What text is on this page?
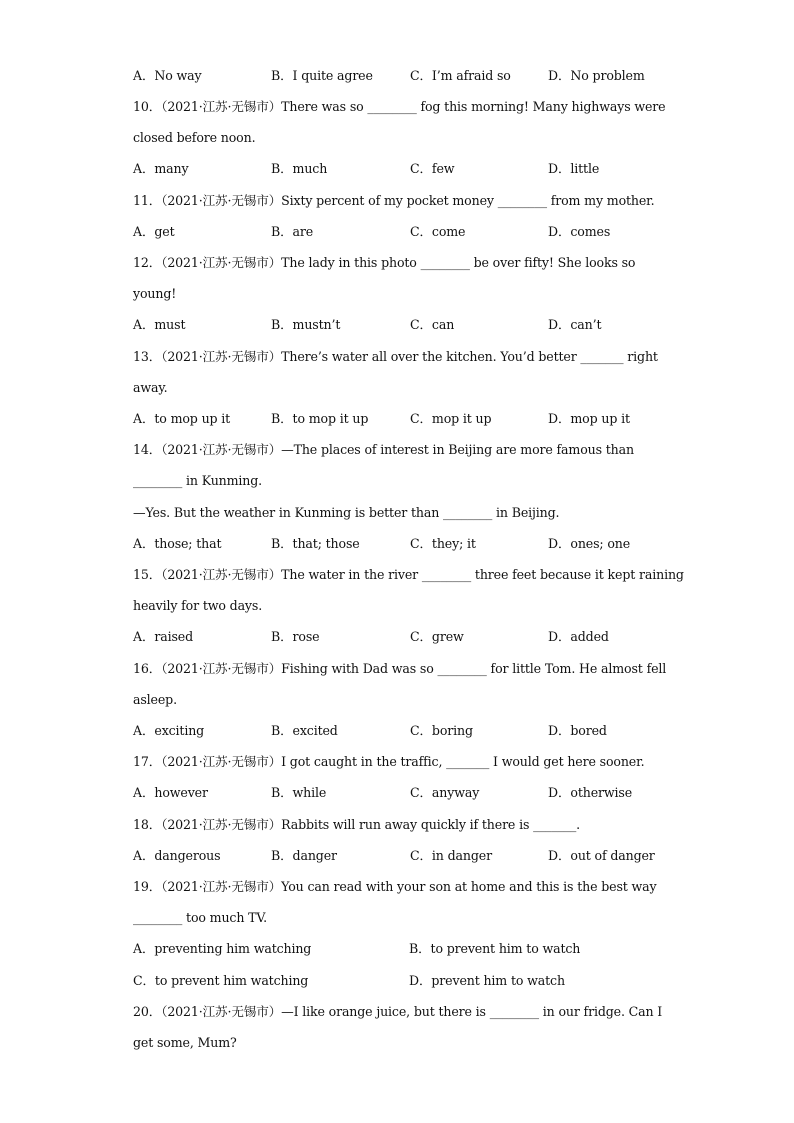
A．No way	B．I quite agree	C．I’m afraid so	D．No problem
10．（2021·江苏·无锡市）There was so ________ fog this morning! Many highways were
closed before noon.
A．many	B．much	C．few	D．little
11．（2021·江苏·无锡市）Sixty percent of my pocket money ________ from my mother.
A．get	B．are	C．come	D．comes
12．（2021·江苏·无锡市）The lady in this photo ________ be over fifty! She looks so
young!
A．must	B．mustn’t	C．can	D．can’t
13．（2021·江苏·无锡市）There’s water all over the kitchen. You’d better _______ right
away.
A．to mop up it	B．to mop it up	C．mop it up	D．mop up it
14．（2021·江苏·无锡市）—The places of interest in Beijing are more famous than
________ in Kunming.
—Yes. But the weather in Kunming is better than ________ in Beijing.
A．those; that	B．that; those	C．they; it	D．ones; one
15．（2021·江苏·无锡市）The water in the river ________ three feet because it kept raining
heavily for two days.
A．raised	B．rose	C．grew	D．added
16．（2021·江苏·无锡市）Fishing with Dad was so ________ for little Tom. He almost fell
asleep.
A．exciting	B．excited	C．boring	D．bored
17．（2021·江苏·无锡市）I got caught in the traffic, _______ I would get here sooner.
A．however	B．while	C．anyway	D．otherwise
18．（2021·江苏·无锡市）Rabbits will run away quickly if there is _______.
A．dangerous	B．danger	C．in danger	D．out of danger
19．（2021·江苏·无锡市）You can read with your son at home and this is the best way
________ too much TV.
A．preventing him watching	B．to prevent him to watch
C．to prevent him watching	D．prevent him to watch
20．（2021·江苏·无锡市）—I like orange juice, but there is ________ in our fridge. Can I
get some, Mum?
